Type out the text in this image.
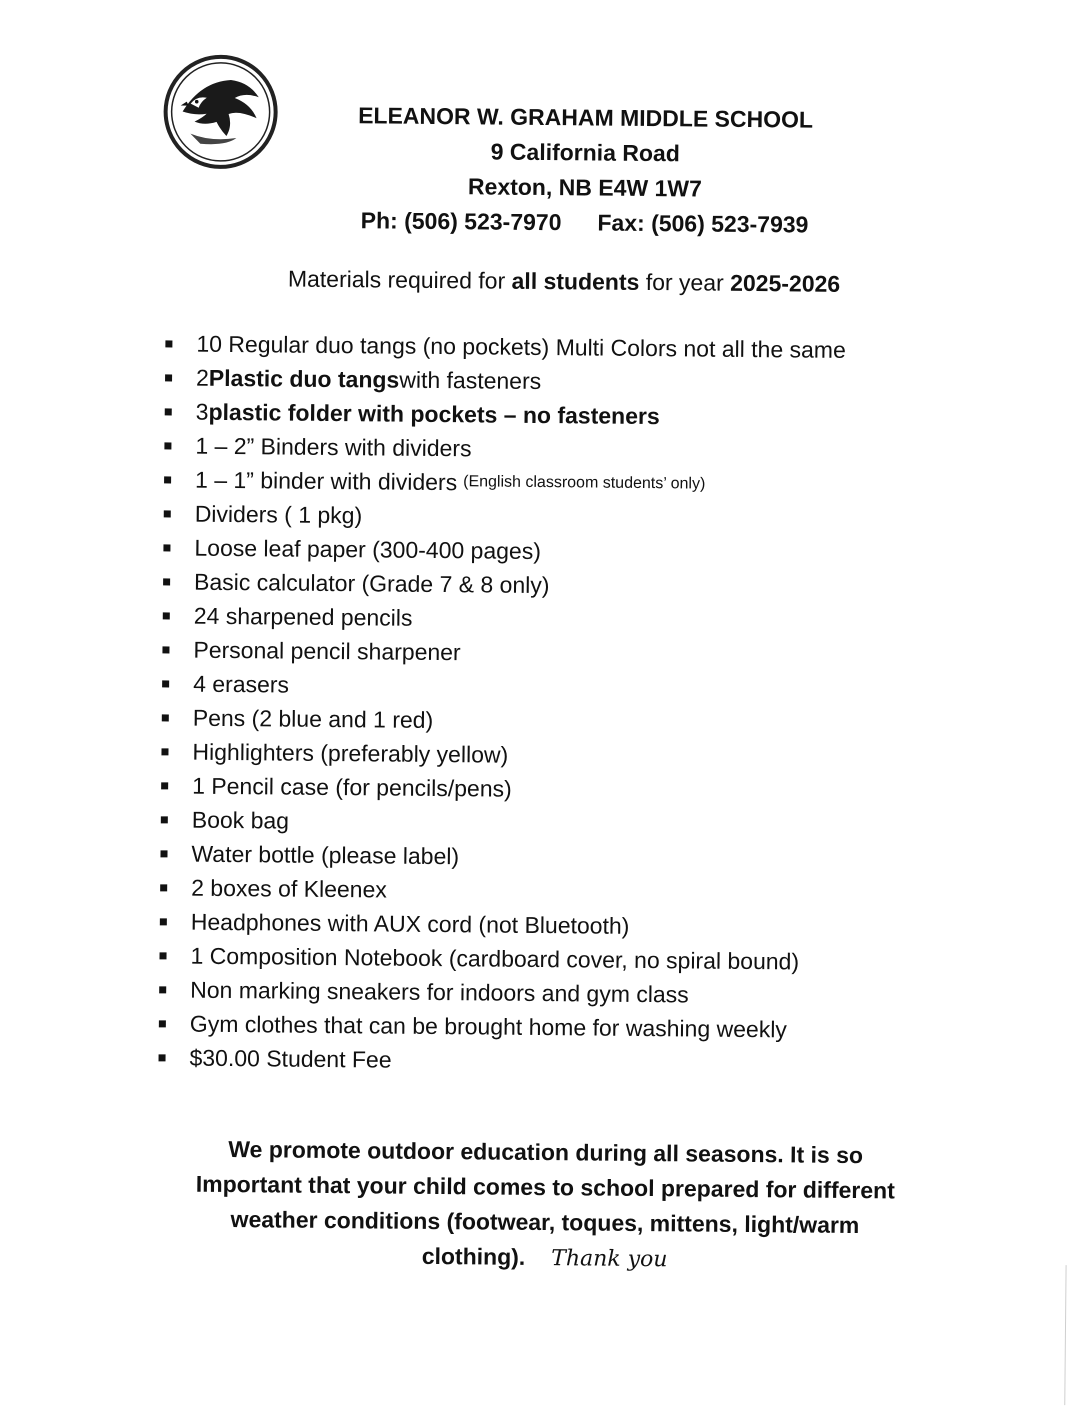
ELEANOR W. GRAHAM MIDDLE SCHOOL
9 California Road
Rexton, NB E4W 1W7
Ph: (506) 523-7970 Fax: (506) 523-7939
Materials required for all students for year 2025-2026
10 Regular duo tangs (no pockets) Multi Colors not all the same
2 Plastic duo tangs with fasteners
3 plastic folder with pockets – no fasteners
1 – 2” Binders with dividers
1 – 1” binder with dividers (English classroom students’ only)
Dividers ( 1 pkg)
Loose leaf paper (300-400 pages)
Basic calculator (Grade 7 & 8 only)
24 sharpened pencils
Personal pencil sharpener
4 erasers
Pens (2 blue and 1 red)
Highlighters (preferably yellow)
1 Pencil case (for pencils/pens)
Book bag
Water bottle (please label)
2 boxes of Kleenex
Headphones with AUX cord (not Bluetooth)
1 Composition Notebook (cardboard cover, no spiral bound)
Non marking sneakers for indoors and gym class
Gym clothes that can be brought home for washing weekly
$30.00 Student Fee
We promote outdoor education during all seasons. It is so
Important that your child comes to school prepared for different
weather conditions (footwear, toques, mittens, light/warm
clothing). Thank you
